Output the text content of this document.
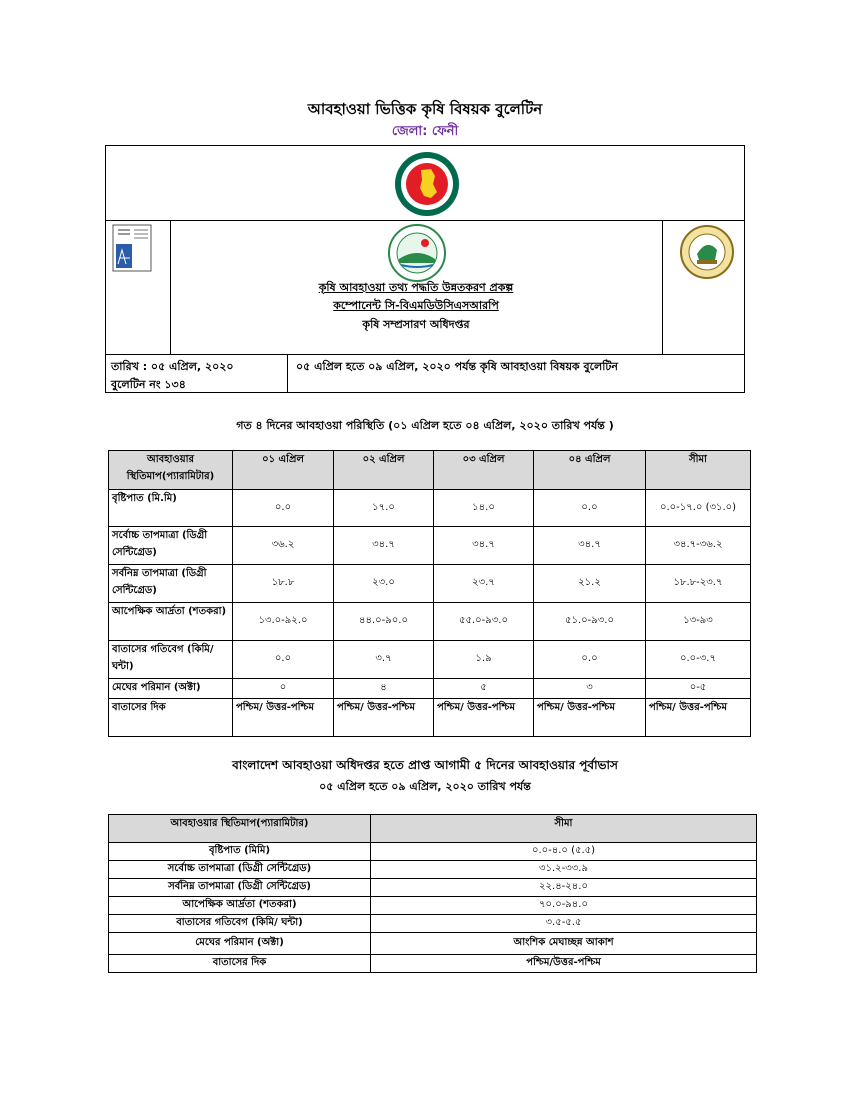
আবহাওয়া ভিত্তিক কৃষি বিষয়ক বুলেটিন
জেলা: ফেনী
কৃষি আবহাওয়া তথ্য পদ্ধতি উন্নতকরণ প্রকল্প
কম্পোনেন্ট সি-বিএমডিউসিএসআরপি
কৃষি সম্প্রসারণ অধিদপ্তর
তারিখ : ০৫ এপ্রিল, ২০২০
বুলেটিন নং ১৩৪
০৫ এপ্রিল হতে ০৯ এপ্রিল, ২০২০ পর্যন্ত কৃষি আবহাওয়া বিষয়ক বুলেটিন
গত ৪ দিনের আবহাওয়া পরিস্থিতি (০১ এপ্রিল হতে ০৪ এপ্রিল, ২০২০ তারিখ পর্যন্ত )
আবহাওয়ার স্থিতিমাপ(প্যারামিটার)	০১ এপ্রিল	০২ এপ্রিল	০৩ এপ্রিল	০৪ এপ্রিল	সীমা
বৃষ্টিপাত (মি.মি)	০.০	১৭.০	১৪.০	০.০	০.০-১৭.০ (৩১.০)
সর্বোচ্চ তাপমাত্রা (ডিগ্রী সেন্টিগ্রেড)	৩৬.২	৩৪.৭	৩৪.৭	৩৪.৭	৩৪.৭-৩৬.২
সর্বনিম্ন তাপমাত্রা (ডিগ্রী সেন্টিগ্রেড)	১৮.৮	২৩.০	২৩.৭	২১.২	১৮.৮-২৩.৭
আপেক্ষিক আর্দ্রতা (শতকরা)	১৩.০-৯২.০	৪৪.০-৯০.০	৫৫.০-৯৩.০	৫১.০-৯৩.০	১৩-৯৩
বাতাসের গতিবেগ (কিমি/ ঘন্টা)	০.০	৩.৭	১.৯	০.০	০.০-৩.৭
মেঘের পরিমান (অক্টা)	০	৪	৫	৩	০-৫
বাতাসের দিক	পশ্চিম/ উত্তর-পশ্চিম	পশ্চিম/ উত্তর-পশ্চিম	পশ্চিম/ উত্তর-পশ্চিম	পশ্চিম/ উত্তর-পশ্চিম	পশ্চিম/ উত্তর-পশ্চিম
বাংলাদেশ আবহাওয়া অধিদপ্তর হতে প্রাপ্ত আগামী ৫ দিনের আবহাওয়ার পূর্বাভাস
০৫ এপ্রিল হতে ০৯ এপ্রিল, ২০২০ তারিখ পর্যন্ত
আবহাওয়ার স্থিতিমাপ(প্যারামিটার)	সীমা
বৃষ্টিপাত (মিমি)	০.০-৪.০ (৫.৫)
সর্বোচ্চ তাপমাত্রা (ডিগ্রী সেন্টিগ্রেড)	৩১.২-৩৩.৯
সর্বনিম্ন তাপমাত্রা (ডিগ্রী সেন্টিগ্রেড)	২২.৪-২৪.০
আপেক্ষিক আর্দ্রতা (শতকরা)	৭০.০-৯৪.০
বাতাসের গতিবেগ (কিমি/ ঘন্টা)	৩.৫-৫.৫
মেঘের পরিমান (অক্টা)	আংশিক মেঘাচ্ছন্ন আকাশ
বাতাসের দিক	পশ্চিম/উত্তর-পশ্চিম
